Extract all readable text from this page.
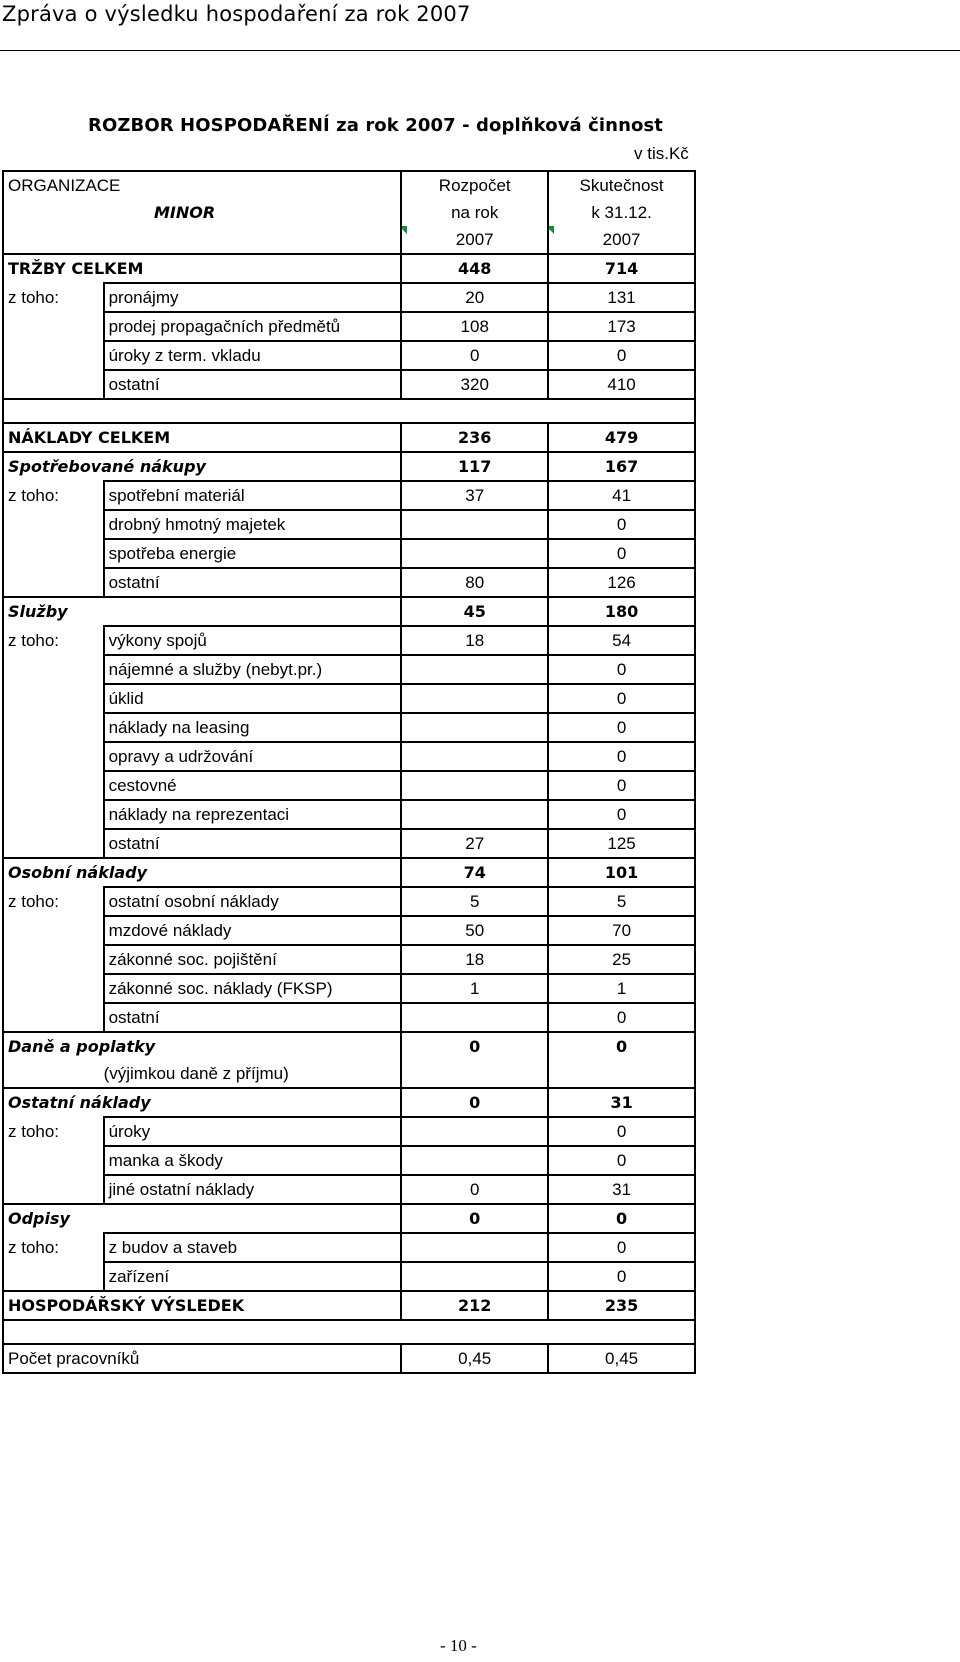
Zpráva o výsledku hospodaření za rok 2007
ROZBOR HOSPODAŘENÍ za rok 2007 - doplňková činnost
v tis.Kč
ORGANIZACE		Rozpočet	Skutečnost
MINOR		na rok	k 31.12.
		2007	2007
TRŽBY CELKEM		448	714
z toho:	pronájmy	20	131
	prodej propagačních předmětů	108	173
	úroky z term. vkladu	0	0
	ostatní	320	410

NÁKLADY CELKEM		236	479
Spotřebované nákupy		117	167
z toho:	spotřební materiál	37	41
	drobný hmotný majetek		0
	spotřeba energie		0
	ostatní	80	126
Služby		45	180
z toho:	výkony spojů	18	54
	nájemné a služby (nebyt.pr.)		0
	úklid		0
	náklady na leasing		0
	opravy a udržování		0
	cestovné		0
	náklady na reprezentaci		0
	ostatní	27	125
Osobní náklady		74	101
z toho:	ostatní osobní náklady	5	5
	mzdové náklady	50	70
	zákonné soc. pojištění	18	25
	zákonné soc. náklady (FKSP)	1	1
	ostatní		0
Daně a poplatky		0	0
	(výjimkou daně z příjmu)		
Ostatní náklady		0	31
z toho:	úroky		0
	manka a škody		0
	jiné ostatní náklady	0	31
Odpisy		0	0
z toho:	z budov a staveb		0
	zařízení		0
HOSPODÁŘSKÝ VÝSLEDEK		212	235

Počet pracovníků		0,45	0,45
- 10 -
